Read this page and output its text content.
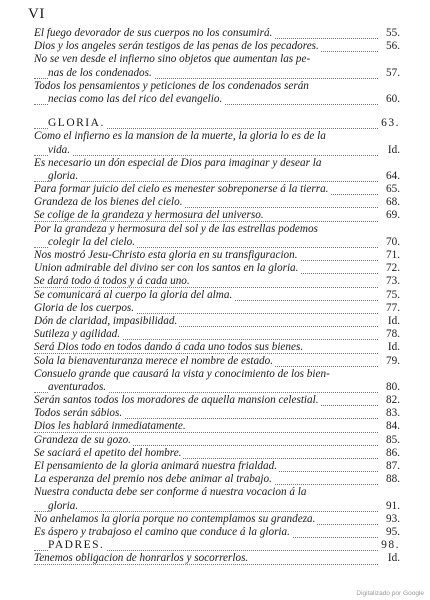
VI
El fuego devorador de sus cuerpos no los consumirá.	55.
Dios y los angeles serán testigos de las penas de los pecadores.	56.
No se ven desde el infierno sino objetos que aumentan las pe-
nas de los condenados.	57.
Todos los pensamientos y peticiones de los condenados serán
necias como las del rico del evangelio.	60.
GLORIA.	63.
Como el infierno es la mansion de la muerte, la gloria lo es de la
vida.	Id.
Es necesario un dón especial de Dios para imaginar y desear la
gloria.	64.
Para formar juicio del cielo es menester sobreponerse á la tierra.	65.
Grandeza de los bienes del cielo.	68.
Se colige de la grandeza y hermosura del universo.	69.
Por la grandeza y hermosura del sol y de las estrellas podemos
colegir la del cielo.	70.
Nos mostró Jesu-Christo esta gloria en su transfiguracion.	71.
Union admirable del divino ser con los santos en la gloria.	72.
Se dará todo á todos y á cada uno.	73.
Se comunicará al cuerpo la gloria del alma.	75.
Gloria de los cuerpos.	77.
Dón de claridad, impasibilidad.	Id.
Sutileza y agilidad.	78.
Será Dios todo en todos dando á cada uno todos sus bienes.	Id.
Sola la bienaventuranza merece el nombre de estado.	79.
Consuelo grande que causará la vista y conocimiento de los bien-
aventurados.	80.
Serán santos todos los moradores de aquella mansion celestial.	82.
Todos serán sábios.	83.
Dios les hablará inmediatamente.	84.
Grandeza de su gozo.	85.
Se saciará el apetito del hombre.	86.
El pensamiento de la gloria animará nuestra frialdad.	87.
La esperanza del premio nos debe animar al trabajo.	88.
Nuestra conducta debe ser conforme á nuestra vocacion á la
gloria.	91.
No anhelamos la gloria porque no contemplamos su grandeza.	93.
Es áspero y trabajoso el camino que conduce á la gloria.	95.
PADRES.	98.
Tenemos obligacion de honrarlos y socorrerlos.	Id.
Digitalizado por Google
